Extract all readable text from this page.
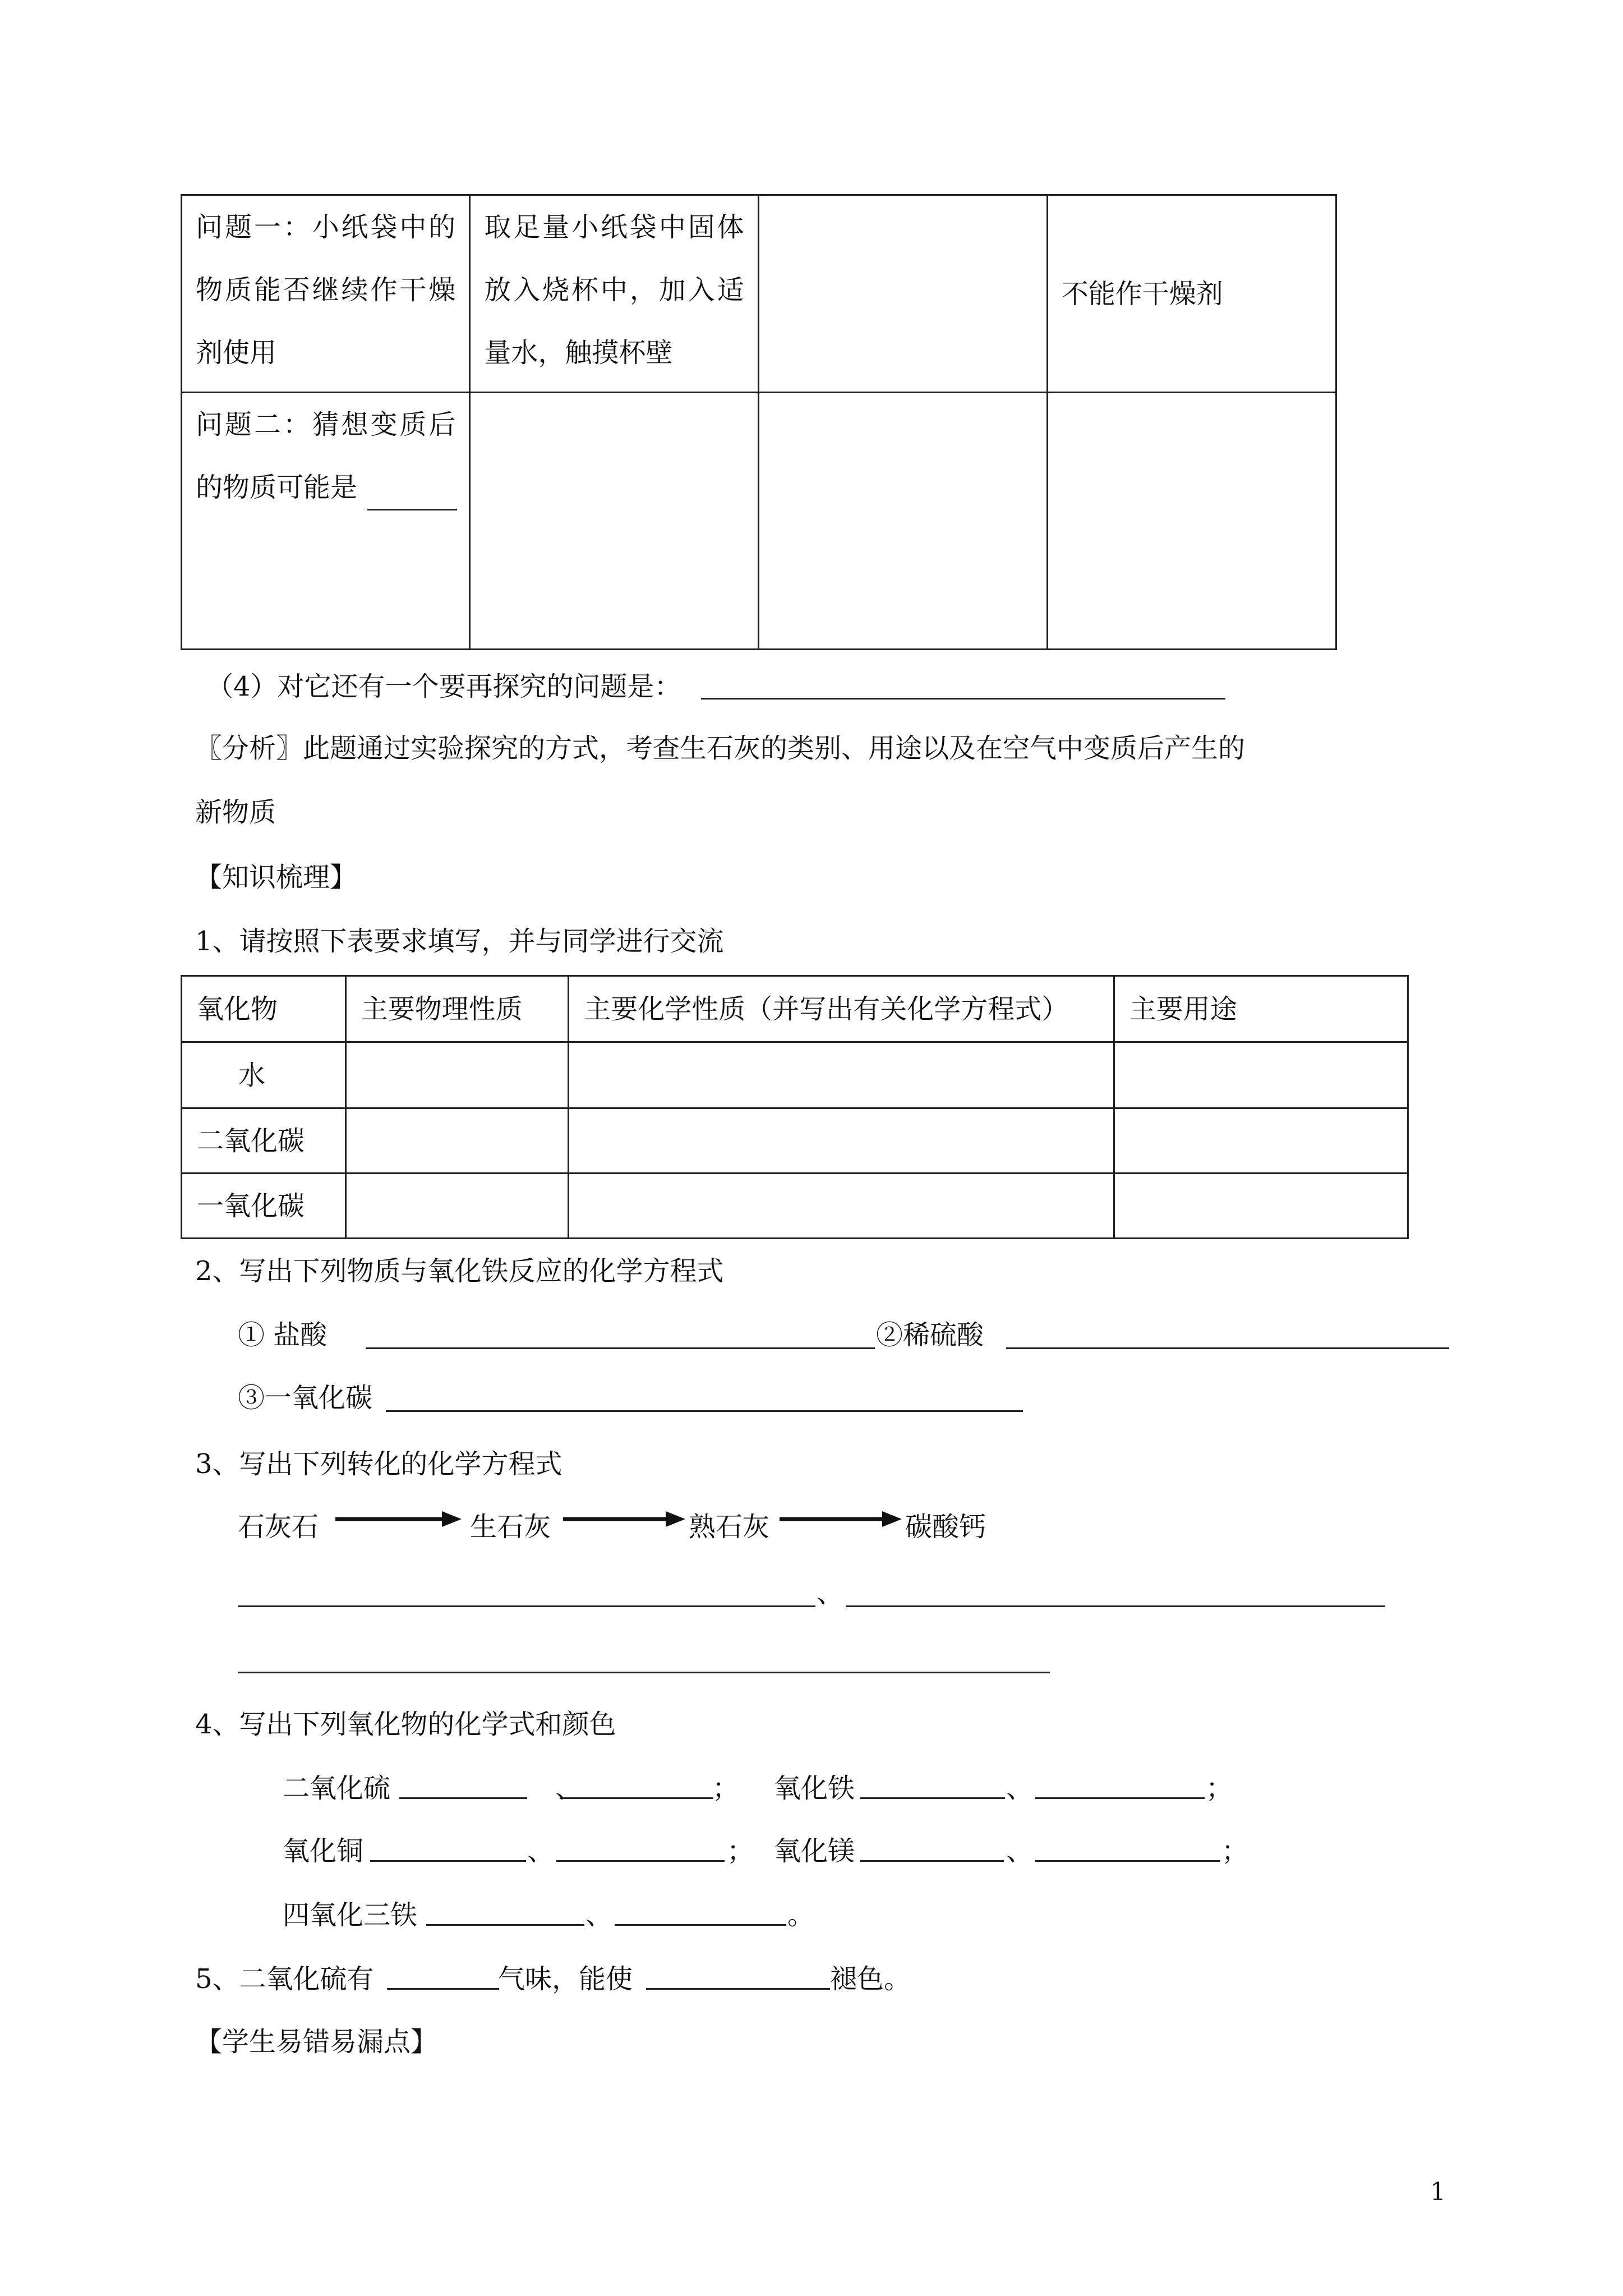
问题一：小纸袋中的物质能否继续作干燥剂使用	取足量小纸袋中固体放入烧杯中，加入适量水，触摸杯壁		不能作干燥剂

问题二：猜想变质后的物质可能是			

（4）对它还有一个要再探究的问题是：
〖分析〗此题通过实验探究的方式，考查生石灰的类别、用途以及在空气中变质后产生的
新物质
【知识梳理】
1、请按照下表要求填写，并与同学进行交流
氧化物	主要物理性质	主要化学性质（并写出有关化学方程式）	主要用途
水			
二氧化碳			
一氧化碳			
2、写出下列物质与氧化铁反应的化学方程式
① 盐酸	②稀硫酸
③一氧化碳
3、写出下列转化的化学方程式
石灰石	生石灰	熟石灰	碳酸钙
、
4、写出下列氧化物的化学式和颜色
二氧化硫	、	； 氧化铁	、	；
氧化铜	、	； 氧化镁	、	；
四氧化三铁	、	。
5、二氧化硫有	气味，能使	褪色。
【学生易错易漏点】
1
